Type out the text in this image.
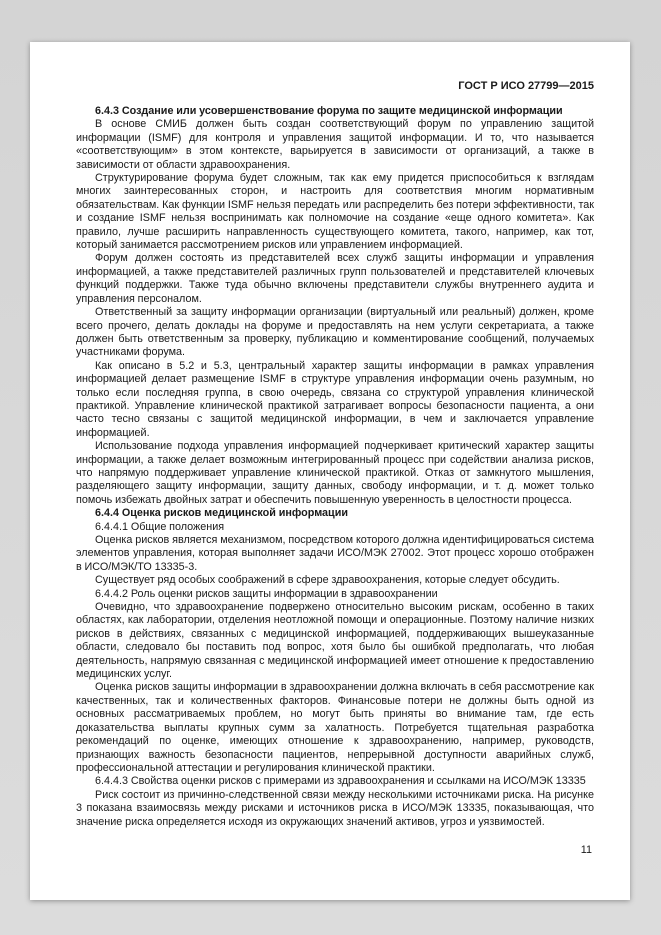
ГОСТ Р ИСО 27799—2015

6.4.3 Создание или усовершенствование форума по защите медицинской информации

В основе СМИБ должен быть создан соответствующий форум по управлению защитой информации (ISMF) для контроля и управления защитой информации. И то, что называется «соответствующим» в этом контексте, варьируется в зависимости от организаций, а также в зависимости от области здравоохранения.

Структурирование форума будет сложным, так как ему придется приспособиться к взглядам многих заинтересованных сторон, и настроить для соответствия многим нормативным обязательствам. Как функции ISMF нельзя передать или распределить без потери эффективности, так и создание ISMF нельзя воспринимать как полномочие на создание «еще одного комитета». Как правило, лучше расширить направленность существующего комитета, такого, например, как тот, который занимается рассмотрением рисков или управлением информацией.

Форум должен состоять из представителей всех служб защиты информации и управления информацией, а также представителей различных групп пользователей и представителей ключевых функций поддержки. Также туда обычно включены представители службы внутреннего аудита и управления персоналом.

Ответственный за защиту информации организации (виртуальный или реальный) должен, кроме всего прочего, делать доклады на форуме и предоставлять на нем услуги секретариата, а также должен быть ответственным за проверку, публикацию и комментирование сообщений, получаемых участниками форума.

Как описано в 5.2 и 5.3, центральный характер защиты информации в рамках управления информацией делает размещение ISMF в структуре управления информации очень разумным, но только если последняя группа, в свою очередь, связана со структурой управления клинической практикой. Управление клинической практикой затрагивает вопросы безопасности пациента, а они часто тесно связаны с защитой медицинской информации, в чем и заключается управление информацией.

Использование подхода управления информацией подчеркивает критический характер защиты информации, а также делает возможным интегрированный процесс при содействии анализа рисков, что напрямую поддерживает управление клинической практикой. Отказ от замкнутого мышления, разделяющего защиту информации, защиту данных, свободу информации, и т. д. может только помочь избежать двойных затрат и обеспечить повышенную уверенность в целостности процесса.

6.4.4 Оценка рисков медицинской информации

6.4.4.1 Общие положения

Оценка рисков является механизмом, посредством которого должна идентифицироваться система элементов управления, которая выполняет задачи ИСО/МЭК 27002. Этот процесс хорошо отображен в ИСО/МЭК/ТО 13335-3.

Существует ряд особых соображений в сфере здравоохранения, которые следует обсудить.

6.4.4.2 Роль оценки рисков защиты информации в здравоохранении

Очевидно, что здравоохранение подвержено относительно высоким рискам, особенно в таких областях, как лаборатории, отделения неотложной помощи и операционные. Поэтому наличие низких рисков в действиях, связанных с медицинской информацией, поддерживающих вышеуказанные области, следовало бы поставить под вопрос, хотя было бы ошибкой предполагать, что любая деятельность, напрямую связанная с медицинской информацией имеет отношение к предоставлению медицинских услуг.

Оценка рисков защиты информации в здравоохранении должна включать в себя рассмотрение как качественных, так и количественных факторов. Финансовые потери не должны быть одной из основных рассматриваемых проблем, но могут быть приняты во внимание там, где есть доказательства выплаты крупных сумм за халатность. Потребуется тщательная разработка рекомендаций по оценке, имеющих отношение к здравоохранению, например, руководств, признающих важность безопасности пациентов, непрерывной доступности аварийных служб, профессиональной аттестации и регулирования клинической практики.

6.4.4.3 Свойства оценки рисков с примерами из здравоохранения и ссылками на ИСО/МЭК 13335

Риск состоит из причинно-следственной связи между несколькими источниками риска. На рисунке 3 показана взаимосвязь между рисками и источников риска в ИСО/МЭК 13335, показывающая, что значение риска определяется исходя из окружающих значений активов, угроз и уязвимостей.

11
